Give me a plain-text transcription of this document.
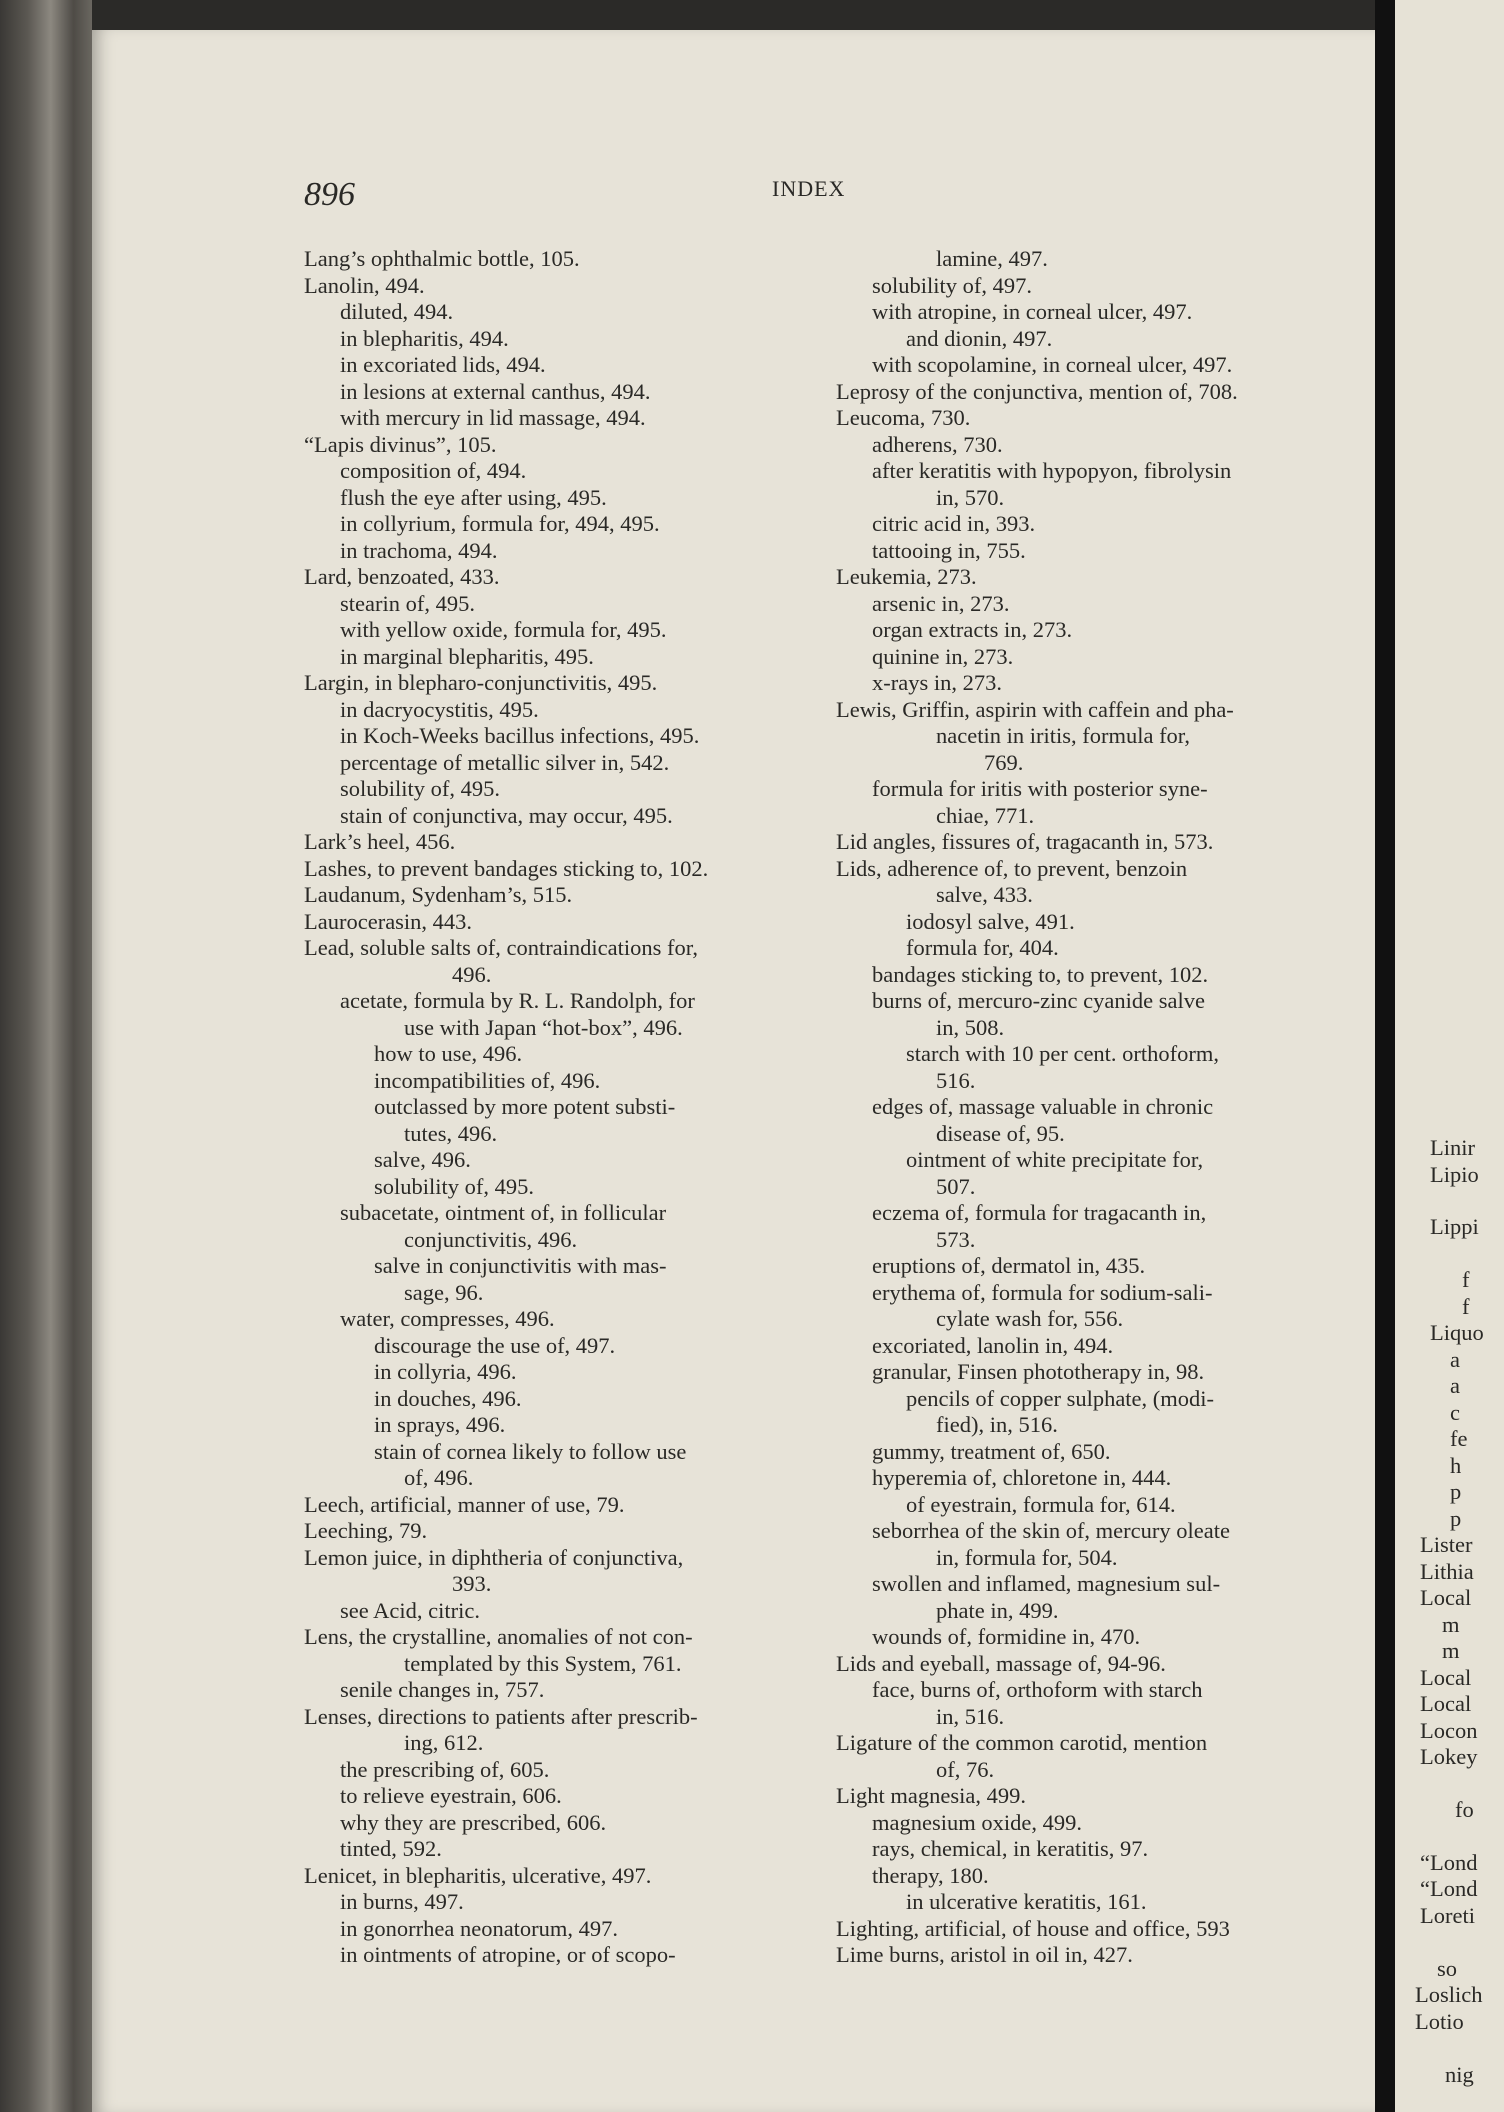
896	INDEX
Lang’s ophthalmic bottle, 105.
Lanolin, 494.
diluted, 494.
in blepharitis, 494.
in excoriated lids, 494.
in lesions at external canthus, 494.
with mercury in lid massage, 494.
“Lapis divinus”, 105.
composition of, 494.
flush the eye after using, 495.
in collyrium, formula for, 494, 495.
in trachoma, 494.
Lard, benzoated, 433.
stearin of, 495.
with yellow oxide, formula for, 495.
in marginal blepharitis, 495.
Largin, in blepharo-conjunctivitis, 495.
in dacryocystitis, 495.
in Koch-Weeks bacillus infections, 495.
percentage of metallic silver in, 542.
solubility of, 495.
stain of conjunctiva, may occur, 495.
Lark’s heel, 456.
Lashes, to prevent bandages sticking to, 102.
Laudanum, Sydenham’s, 515.
Laurocerasin, 443.
Lead, soluble salts of, contraindications for,
496.
acetate, formula by R. L. Randolph, for
use with Japan “hot-box”, 496.
how to use, 496.
incompatibilities of, 496.
outclassed by more potent substi-
tutes, 496.
salve, 496.
solubility of, 495.
subacetate, ointment of, in follicular
conjunctivitis, 496.
salve in conjunctivitis with mas-
sage, 96.
water, compresses, 496.
discourage the use of, 497.
in collyria, 496.
in douches, 496.
in sprays, 496.
stain of cornea likely to follow use
of, 496.
Leech, artificial, manner of use, 79.
Leeching, 79.
Lemon juice, in diphtheria of conjunctiva,
393.
see Acid, citric.
Lens, the crystalline, anomalies of not con-
templated by this System, 761.
senile changes in, 757.
Lenses, directions to patients after prescrib-
ing, 612.
the prescribing of, 605.
to relieve eyestrain, 606.
why they are prescribed, 606.
tinted, 592.
Lenicet, in blepharitis, ulcerative, 497.
in burns, 497.
in gonorrhea neonatorum, 497.
in ointments of atropine, or of scopo-
lamine, 497.
solubility of, 497.
with atropine, in corneal ulcer, 497.
and dionin, 497.
with scopolamine, in corneal ulcer, 497.
Leprosy of the conjunctiva, mention of, 708.
Leucoma, 730.
adherens, 730.
after keratitis with hypopyon, fibrolysin
in, 570.
citric acid in, 393.
tattooing in, 755.
Leukemia, 273.
arsenic in, 273.
organ extracts in, 273.
quinine in, 273.
x-rays in, 273.
Lewis, Griffin, aspirin with caffein and pha-
nacetin in iritis, formula for,
769.
formula for iritis with posterior syne-
chiae, 771.
Lid angles, fissures of, tragacanth in, 573.
Lids, adherence of, to prevent, benzoin
salve, 433.
iodosyl salve, 491.
formula for, 404.
bandages sticking to, to prevent, 102.
burns of, mercuro-zinc cyanide salve
in, 508.
starch with 10 per cent. orthoform,
516.
edges of, massage valuable in chronic
disease of, 95.
ointment of white precipitate for,
507.
eczema of, formula for tragacanth in,
573.
eruptions of, dermatol in, 435.
erythema of, formula for sodium-sali-
cylate wash for, 556.
excoriated, lanolin in, 494.
granular, Finsen phototherapy in, 98.
pencils of copper sulphate, (modi-
fied), in, 516.
gummy, treatment of, 650.
hyperemia of, chloretone in, 444.
of eyestrain, formula for, 614.
seborrhea of the skin of, mercury oleate
in, formula for, 504.
swollen and inflamed, magnesium sul-
phate in, 499.
wounds of, formidine in, 470.
Lids and eyeball, massage of, 94-96.
face, burns of, orthoform with starch
in, 516.
Ligature of the common carotid, mention
of, 76.
Light magnesia, 499.
magnesium oxide, 499.
rays, chemical, in keratitis, 97.
therapy, 180.
in ulcerative keratitis, 161.
Lighting, artificial, of house and office, 593
Lime burns, aristol in oil in, 427.
Linir
Lipio
Lippi
f
f
Liquo
a
a
c
fe
h
p
p
Lister
Lithia
Local
m
m
Local
Local
Locon
Lokey
fo
“Lond
“Lond
Loreti
so
Loslich
Lotio
nig
